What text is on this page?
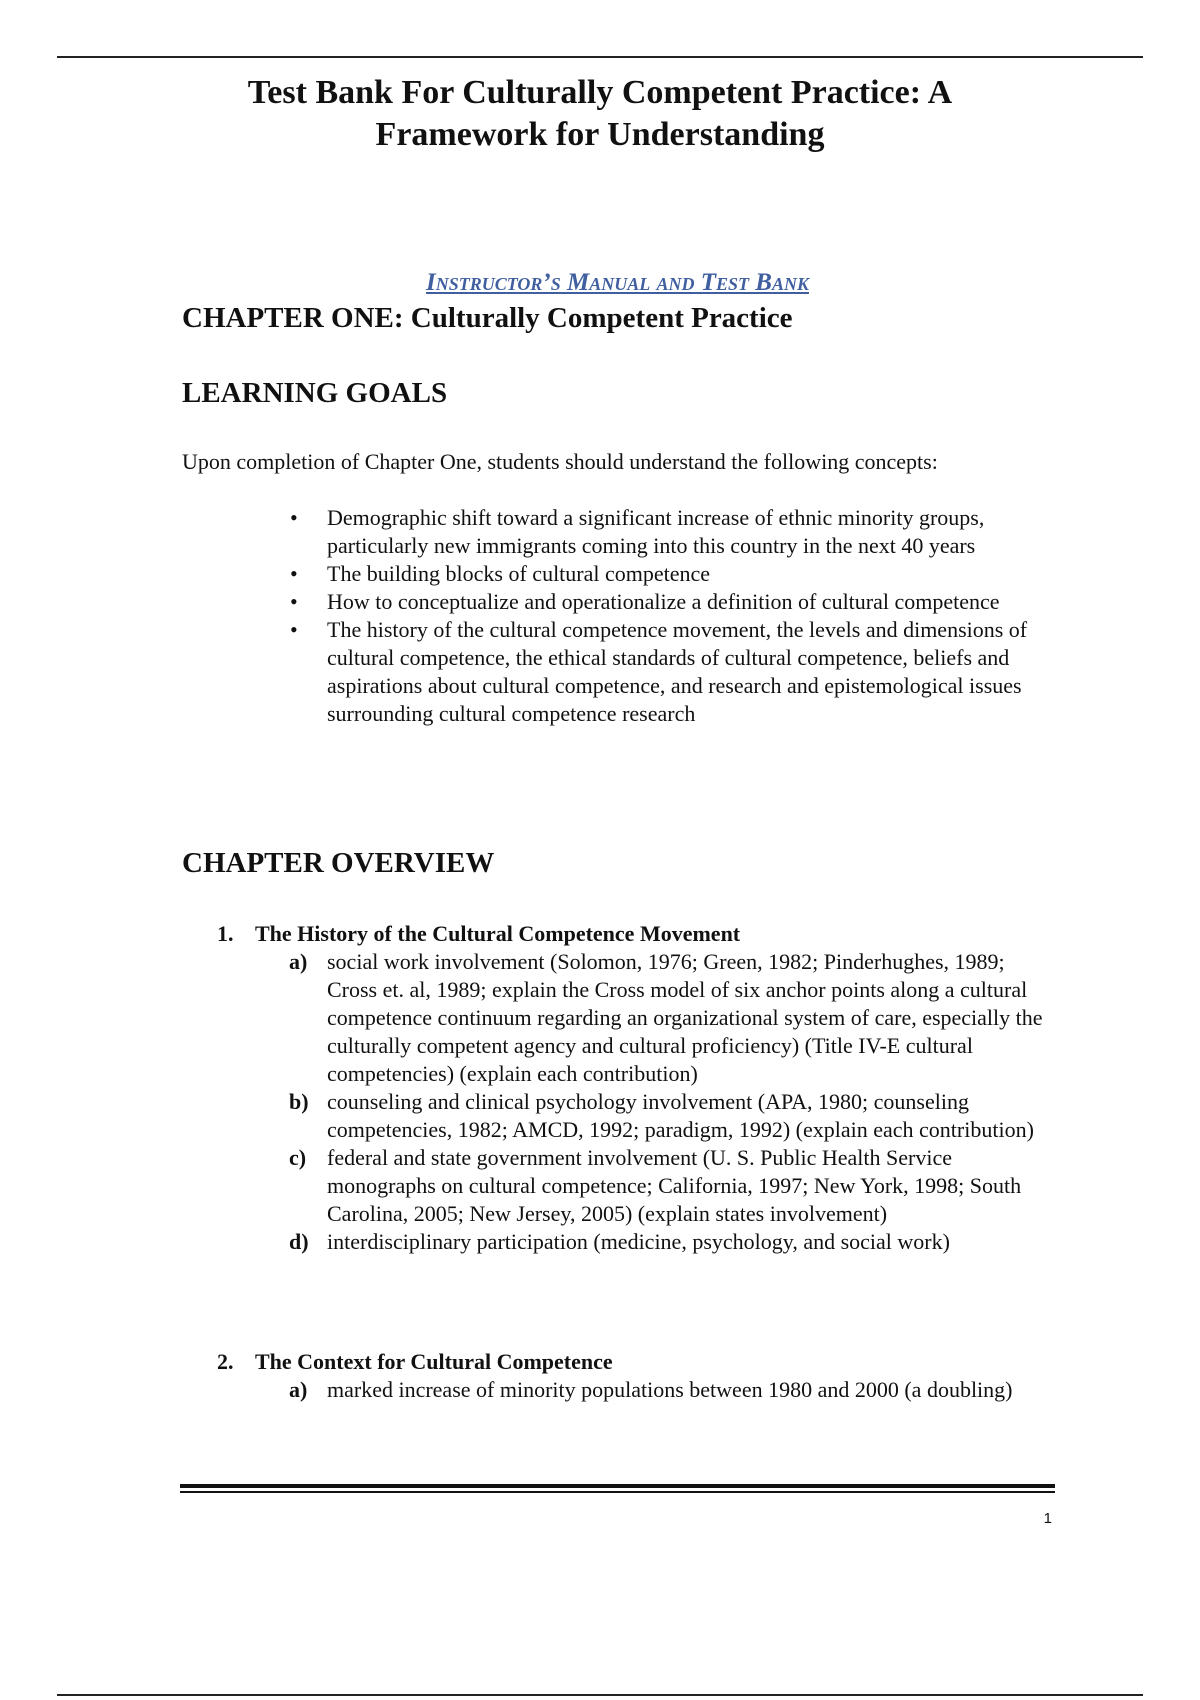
Test Bank For Culturally Competent Practice: A
Framework for Understanding
Instructor’s Manual and Test Bank
CHAPTER ONE: Culturally Competent Practice
LEARNING GOALS
Upon completion of Chapter One, students should understand the following concepts:
• Demographic shift toward a significant increase of ethnic minority groups, particularly new immigrants coming into this country in the next 40 years
• The building blocks of cultural competence
• How to conceptualize and operationalize a definition of cultural competence
• The history of the cultural competence movement, the levels and dimensions of cultural competence, the ethical standards of cultural competence, beliefs and aspirations about cultural competence, and research and epistemological issues surrounding cultural competence research
CHAPTER OVERVIEW
1. The History of the Cultural Competence Movement
a) social work involvement (Solomon, 1976; Green, 1982; Pinderhughes, 1989; Cross et. al, 1989; explain the Cross model of six anchor points along a cultural competence continuum regarding an organizational system of care, especially the culturally competent agency and cultural proficiency) (Title IV-E cultural competencies) (explain each contribution)
b) counseling and clinical psychology involvement (APA, 1980; counseling competencies, 1982; AMCD, 1992; paradigm, 1992) (explain each contribution)
c) federal and state government involvement (U. S. Public Health Service monographs on cultural competence; California, 1997; New York, 1998; South Carolina, 2005; New Jersey, 2005) (explain states involvement)
d) interdisciplinary participation (medicine, psychology, and social work)
2. The Context for Cultural Competence
a) marked increase of minority populations between 1980 and 2000 (a doubling)
1
